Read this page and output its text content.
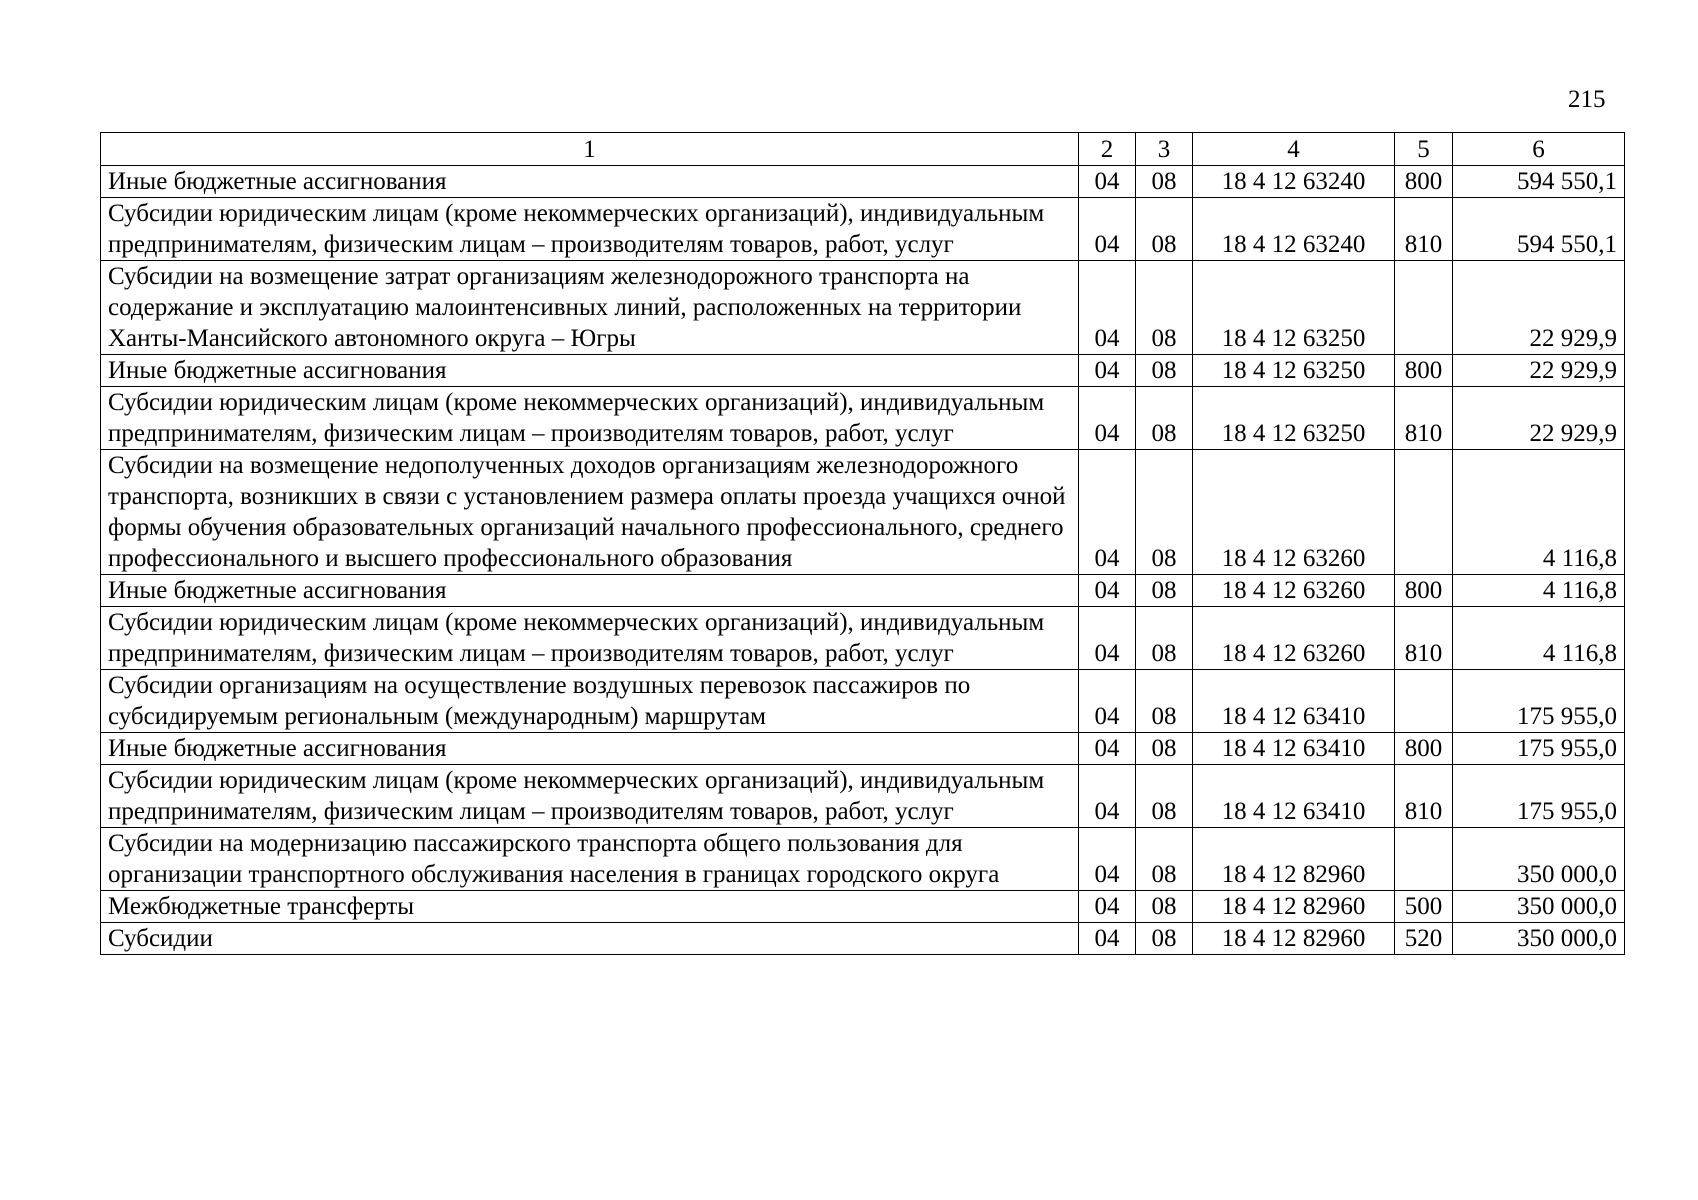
215
1	2	3	4	5	6
Иные бюджетные ассигнования	04	08	18 4 12 63240	800	594 550,1
Субсидии юридическим лицам (кроме некоммерческих организаций), индивидуальным предпринимателям, физическим лицам – производителям товаров, работ, услуг	04	08	18 4 12 63240	810	594 550,1
Субсидии на возмещение затрат организациям железнодорожного транспорта на содержание и эксплуатацию малоинтенсивных линий, расположенных на территории Ханты-Мансийского автономного округа – Югры	04	08	18 4 12 63250		22 929,9
Иные бюджетные ассигнования	04	08	18 4 12 63250	800	22 929,9
Субсидии юридическим лицам (кроме некоммерческих организаций), индивидуальным предпринимателям, физическим лицам – производителям товаров, работ, услуг	04	08	18 4 12 63250	810	22 929,9
Субсидии на возмещение недополученных доходов организациям железнодорожного транспорта, возникших в связи с установлением размера оплаты проезда учащихся очной формы обучения образовательных организаций начального профессионального, среднего профессионального и высшего профессионального образования	04	08	18 4 12 63260		4 116,8
Иные бюджетные ассигнования	04	08	18 4 12 63260	800	4 116,8
Субсидии юридическим лицам (кроме некоммерческих организаций), индивидуальным предпринимателям, физическим лицам – производителям товаров, работ, услуг	04	08	18 4 12 63260	810	4 116,8
Субсидии организациям на осуществление воздушных перевозок пассажиров по субсидируемым региональным (международным) маршрутам	04	08	18 4 12 63410		175 955,0
Иные бюджетные ассигнования	04	08	18 4 12 63410	800	175 955,0
Субсидии юридическим лицам (кроме некоммерческих организаций), индивидуальным предпринимателям, физическим лицам – производителям товаров, работ, услуг	04	08	18 4 12 63410	810	175 955,0
Субсидии на модернизацию пассажирского транспорта общего пользования для организации транспортного обслуживания населения в границах городского округа	04	08	18 4 12 82960		350 000,0
Межбюджетные трансферты	04	08	18 4 12 82960	500	350 000,0
Субсидии	04	08	18 4 12 82960	520	350 000,0
